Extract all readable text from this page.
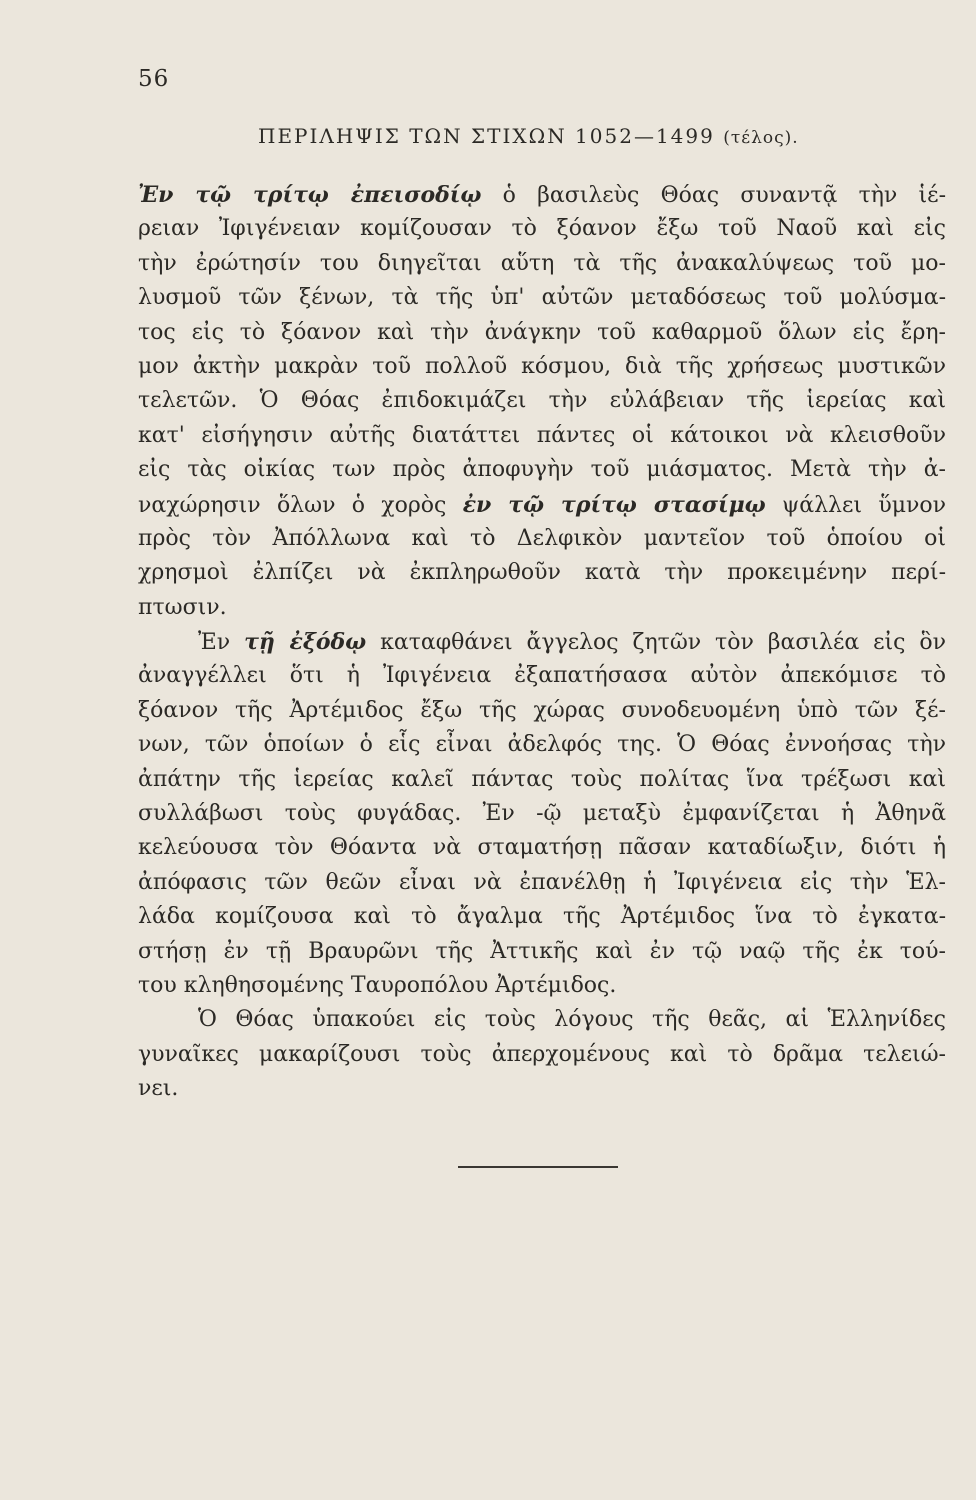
56
ΠΕΡΙΛΗΨΙΣ ΤΩΝ ΣΤΙΧΩΝ 1052—1499 (τέλος).
Ἐν τῷ τρίτῳ ἐπεισοδίῳ ὁ βασιλεὺς Θόας συναντᾷ τὴν ἱέ-
ρειαν Ἰφιγένειαν κομίζουσαν τὸ ξόανον ἔξω τοῦ Ναοῦ καὶ εἰς
τὴν ἐρώτησίν του διηγεῖται αὕτη τὰ τῆς ἀνακαλύψεως τοῦ μο-
λυσμοῦ τῶν ξένων, τὰ τῆς ὑπ' αὐτῶν μεταδόσεως τοῦ μολύσμα-
τος εἰς τὸ ξόανον καὶ τὴν ἀνάγκην τοῦ καθαρμοῦ ὅλων εἰς ἔρη-
μον ἀκτὴν μακρὰν τοῦ πολλοῦ κόσμου, διὰ τῆς χρήσεως μυστικῶν
τελετῶν. Ὁ Θόας ἐπιδοκιμάζει τὴν εὐλάβειαν τῆς ἱερείας καὶ
κατ' εἰσήγησιν αὐτῆς διατάττει πάντες οἱ κάτοικοι νὰ κλεισθοῦν
εἰς τὰς οἰκίας των πρὸς ἀποφυγὴν τοῦ μιάσματος. Μετὰ τὴν ἀ-
ναχώρησιν ὅλων ὁ χορὸς ἐν τῷ τρίτῳ στασίμῳ ψάλλει ὕμνον
πρὸς τὸν Ἀπόλλωνα καὶ τὸ Δελφικὸν μαντεῖον τοῦ ὁποίου οἱ
χρησμοὶ ἐλπίζει νὰ ἐκπληρωθοῦν κατὰ τὴν προκειμένην περί-
πτωσιν.
Ἐν τῇ ἐξόδῳ καταφθάνει ἄγγελος ζητῶν τὸν βασιλέα εἰς ὃν
ἀναγγέλλει ὅτι ἡ Ἰφιγένεια ἐξαπατήσασα αὐτὸν ἀπεκόμισε τὸ
ξόανον τῆς Ἀρτέμιδος ἔξω τῆς χώρας συνοδευομένη ὑπὸ τῶν ξέ-
νων, τῶν ὁποίων ὁ εἷς εἶναι ἀδελφός της. Ὁ Θόας ἐννοήσας τὴν
ἀπάτην τῆς ἱερείας καλεῖ πάντας τοὺς πολίτας ἵνα τρέξωσι καὶ
συλλάβωσι τοὺς φυγάδας. Ἐν -ῷ μεταξὺ ἐμφανίζεται ἡ Ἀθηνᾶ
κελεύουσα τὸν Θόαντα νὰ σταματήσῃ πᾶσαν καταδίωξιν, διότι ἡ
ἀπόφασις τῶν θεῶν εἶναι νὰ ἐπανέλθῃ ἡ Ἰφιγένεια εἰς τὴν Ἑλ-
λάδα κομίζουσα καὶ τὸ ἄγαλμα τῆς Ἀρτέμιδος ἵνα τὸ ἐγκατα-
στήσῃ ἐν τῇ Βραυρῶνι τῆς Ἀττικῆς καὶ ἐν τῷ ναῷ τῆς ἐκ τού-
του κληθησομένης Ταυροπόλου Ἀρτέμιδος.
Ὁ Θόας ὑπακούει εἰς τοὺς λόγους τῆς θεᾶς, αἱ Ἑλληνίδες
γυναῖκες μακαρίζουσι τοὺς ἀπερχομένους καὶ τὸ δρᾶμα τελειώ-
νει.
